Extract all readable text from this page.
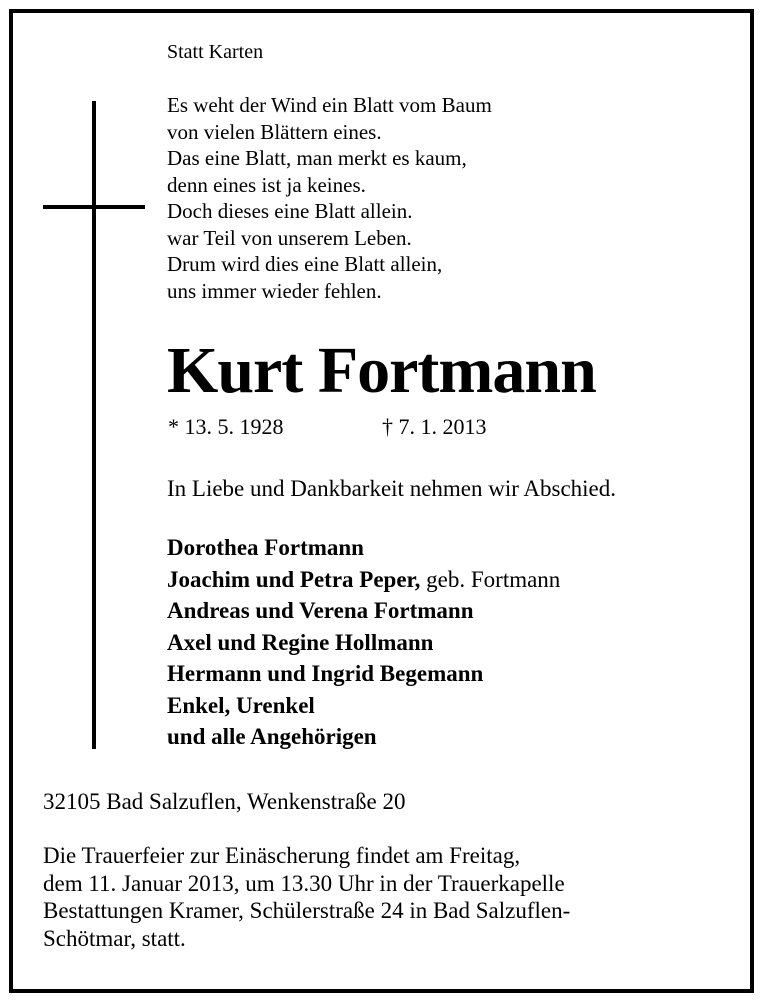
Statt Karten
Es weht der Wind ein Blatt vom Baum
von vielen Blättern eines.
Das eine Blatt, man merkt es kaum,
denn eines ist ja keines.
Doch dieses eine Blatt allein.
war Teil von unserem Leben.
Drum wird dies eine Blatt allein,
uns immer wieder fehlen.
Kurt Fortmann
* 13. 5. 1928	† 7. 1. 2013
In Liebe und Dankbarkeit nehmen wir Abschied.
Dorothea Fortmann
Joachim und Petra Peper, geb. Fortmann
Andreas und Verena Fortmann
Axel und Regine Hollmann
Hermann und Ingrid Begemann
Enkel, Urenkel
und alle Angehörigen
32105 Bad Salzuflen, Wenkenstraße 20
Die Trauerfeier zur Einäscherung findet am Freitag,
dem 11. Januar 2013, um 13.30 Uhr in der Trauerkapelle
Bestattungen Kramer, Schülerstraße 24 in Bad Salzuflen-
Schötmar, statt.
